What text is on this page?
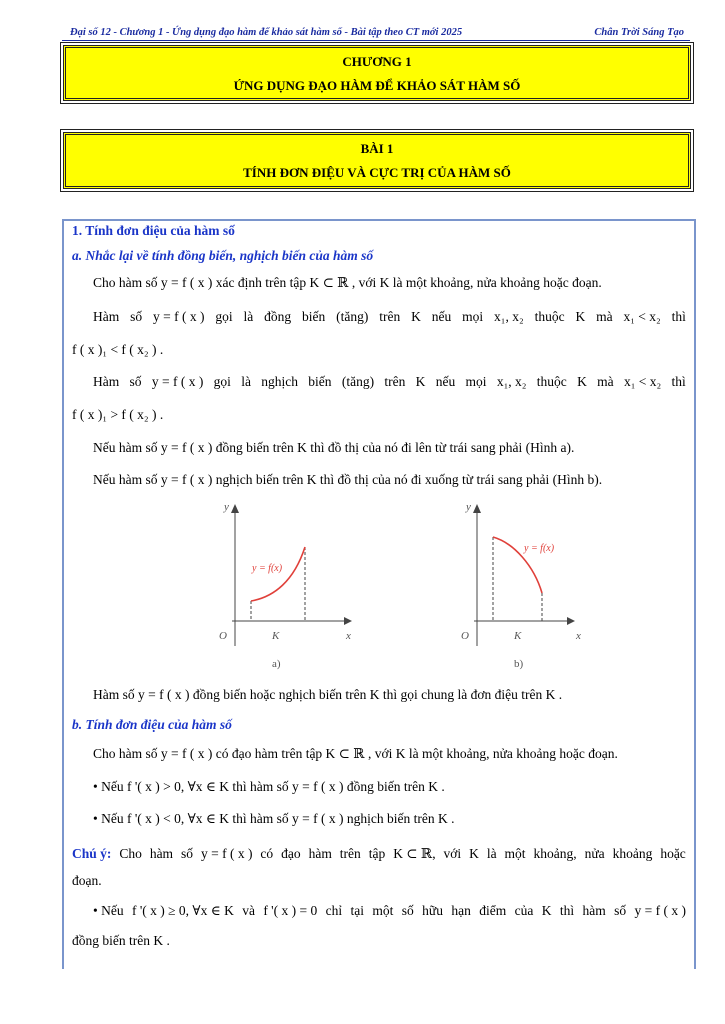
Đại số 12 - Chương 1 - Ứng dụng đạo hàm để khảo sát hàm số - Bài tập theo CT mới 2025	Chân Trời Sáng Tạo
CHƯƠNG 1
ỨNG DỤNG ĐẠO HÀM ĐỂ KHẢO SÁT HÀM SỐ
BÀI 1
TÍNH ĐƠN ĐIỆU VÀ CỰC TRỊ CỦA HÀM SỐ
1. Tính đơn điệu của hàm số
a. Nhắc lại về tính đồng biến, nghịch biến của hàm số
Cho hàm số y = f ( x ) xác định trên tập K ⊂ ℝ , với K là một khoảng, nửa khoảng hoặc đoạn.
Hàm số y = f ( x ) gọi là đồng biến (tăng) trên K nếu mọi x₁, x₂ thuộc K mà x₁ < x₂ thì
f ( x )₁ < f ( x₂ ) .
Hàm số y = f ( x ) gọi là nghịch biến (tăng) trên K nếu mọi x₁, x₂ thuộc K mà x₁ < x₂ thì
f ( x )₁ > f ( x₂ ) .
Nếu hàm số y = f ( x ) đồng biến trên K thì đồ thị của nó đi lên từ trái sang phải (Hình a).
Nếu hàm số y = f ( x ) nghịch biến trên K thì đồ thị của nó đi xuống từ trái sang phải (Hình b).
y
x
O	K
y = f(x)
a)
y
x
O	K
y = f(x)
b)
Hàm số y = f ( x ) đồng biến hoặc nghịch biến trên K thì gọi chung là đơn điệu trên K .
b. Tính đơn điệu của hàm số
Cho hàm số y = f ( x ) có đạo hàm trên tập K ⊂ ℝ , với K là một khoảng, nửa khoảng hoặc đoạn.
• Nếu f '( x ) > 0, ∀x ∈ K thì hàm số y = f ( x ) đồng biến trên K .
• Nếu f '( x ) < 0, ∀x ∈ K thì hàm số y = f ( x ) nghịch biến trên K .
Chú ý: Cho hàm số y = f ( x ) có đạo hàm trên tập K ⊂ ℝ, với K là một khoảng, nửa khoảng hoặc
đoạn.
• Nếu f '( x ) ≥ 0, ∀x ∈ K và f '( x ) = 0 chỉ tại một số hữu hạn điểm của K thì hàm số y = f ( x )
đồng biến trên K .
